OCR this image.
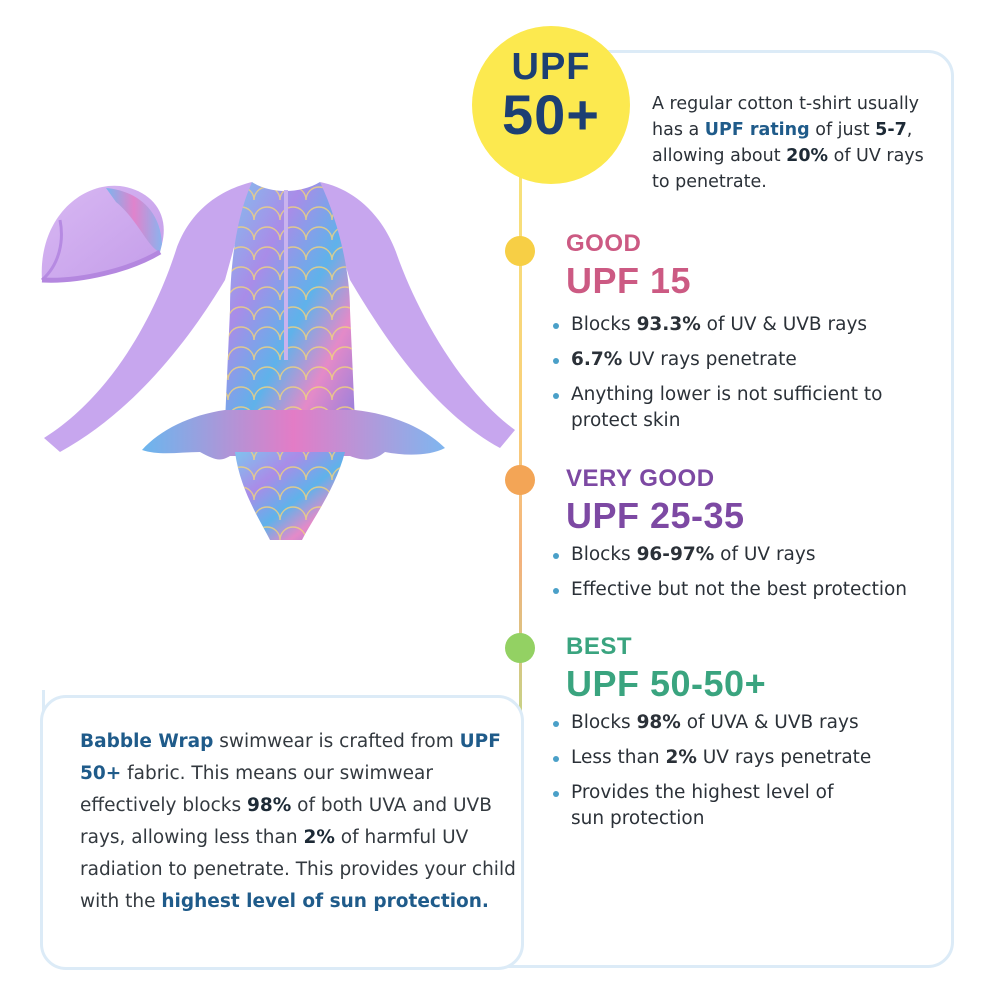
UPF
50+	A regular cotton t-shirt usually has a UPF rating of just 5-7, allowing about 20% of UV rays to penetrate.

GOOD
UPF 15
Blocks 93.3% of UV & UVB rays
6.7% UV rays penetrate
Anything lower is not sufficient to protect skin
VERY GOOD
UPF 25-35
Blocks 96-97% of UV rays
Effective but not the best protection
BEST
UPF 50-50+
Blocks 98% of UVA & UVB rays
Less than 2% UV rays penetrate
Provides the highest level of sun protection

Babble Wrap swimwear is crafted from UPF 50+ fabric. This means our swimwear effectively blocks 98% of both UVA and UVB rays, allowing less than 2% of harmful UV radiation to penetrate. This provides your child with the highest level of sun protection.
